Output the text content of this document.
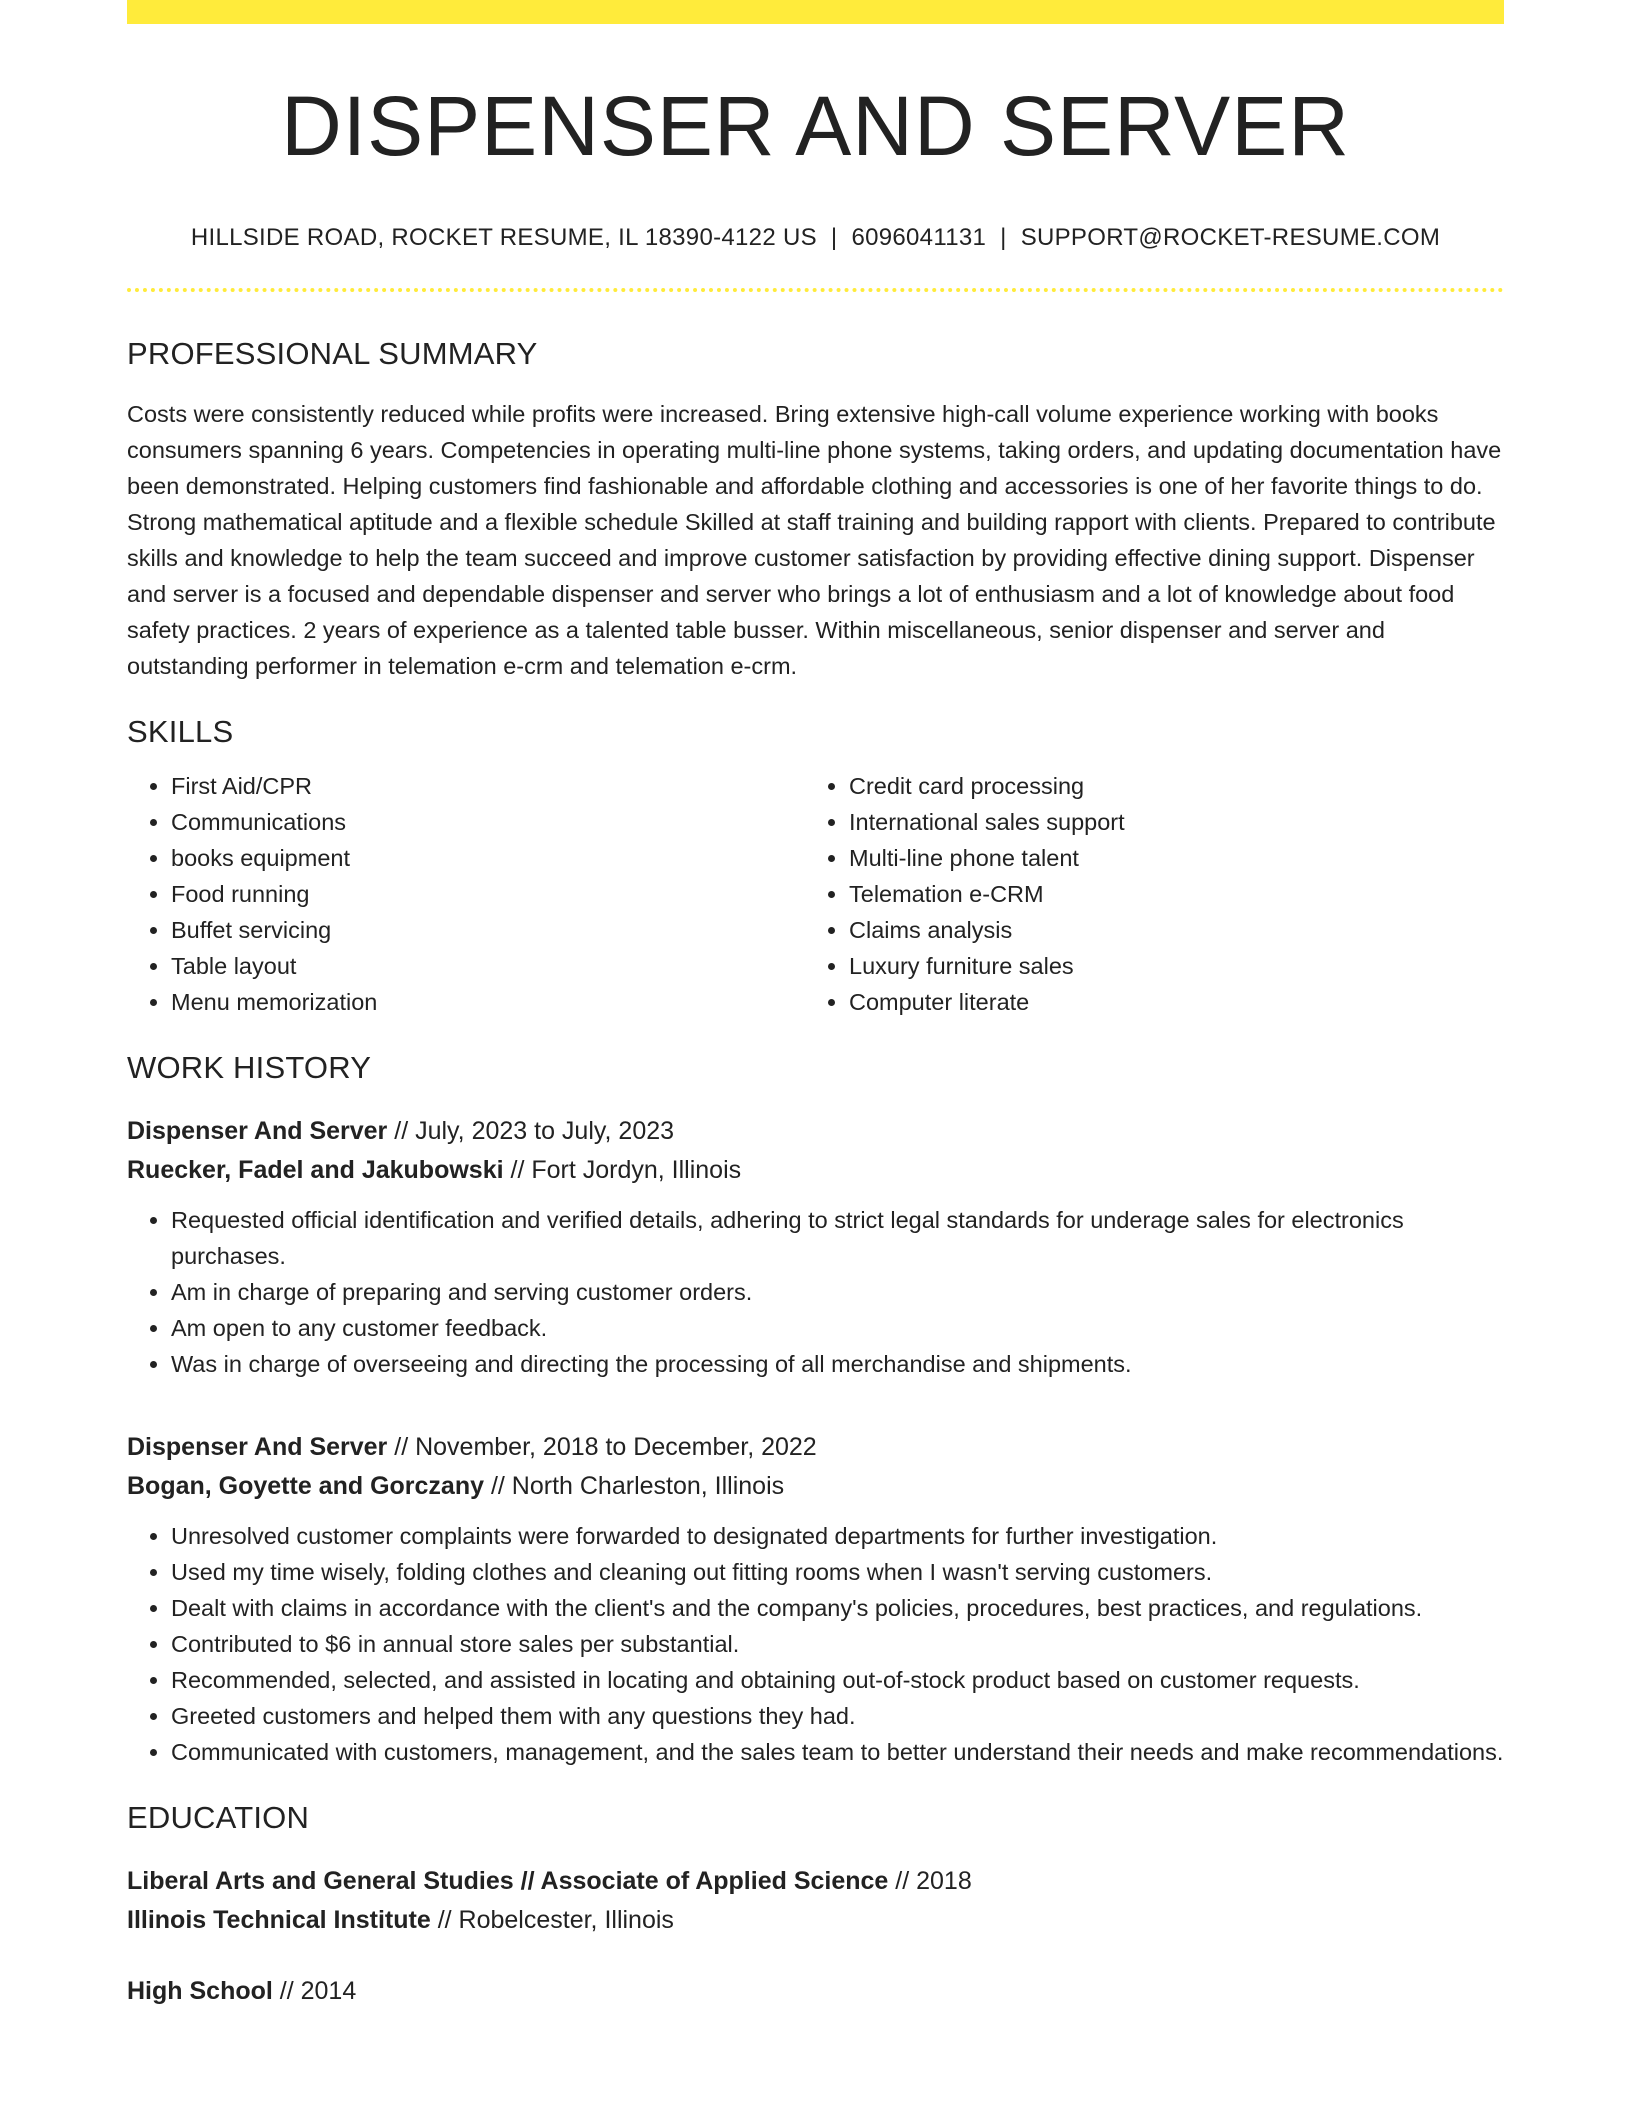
DISPENSER AND SERVER
HILLSIDE ROAD, ROCKET RESUME, IL 18390-4122 US | 6096041131 | SUPPORT@ROCKET-RESUME.COM
PROFESSIONAL SUMMARY
Costs were consistently reduced while profits were increased. Bring extensive high-call volume experience working with books consumers spanning 6 years. Competencies in operating multi-line phone systems, taking orders, and updating documentation have been demonstrated. Helping customers find fashionable and affordable clothing and accessories is one of her favorite things to do. Strong mathematical aptitude and a flexible schedule Skilled at staff training and building rapport with clients. Prepared to contribute skills and knowledge to help the team succeed and improve customer satisfaction by providing effective dining support. Dispenser and server is a focused and dependable dispenser and server who brings a lot of enthusiasm and a lot of knowledge about food safety practices. 2 years of experience as a talented table busser. Within miscellaneous, senior dispenser and server and outstanding performer in telemation e-crm and telemation e-crm.
SKILLS
• First Aid/CPR
• Communications
• books equipment
• Food running
• Buffet servicing
• Table layout
• Menu memorization
• Credit card processing
• International sales support
• Multi-line phone talent
• Telemation e-CRM
• Claims analysis
• Luxury furniture sales
• Computer literate
WORK HISTORY
Dispenser And Server // July, 2023 to July, 2023
Ruecker, Fadel and Jakubowski // Fort Jordyn, Illinois
• Requested official identification and verified details, adhering to strict legal standards for underage sales for electronics purchases.
• Am in charge of preparing and serving customer orders.
• Am open to any customer feedback.
• Was in charge of overseeing and directing the processing of all merchandise and shipments.
Dispenser And Server // November, 2018 to December, 2022
Bogan, Goyette and Gorczany // North Charleston, Illinois
• Unresolved customer complaints were forwarded to designated departments for further investigation.
• Used my time wisely, folding clothes and cleaning out fitting rooms when I wasn't serving customers.
• Dealt with claims in accordance with the client's and the company's policies, procedures, best practices, and regulations.
• Contributed to $6 in annual store sales per substantial.
• Recommended, selected, and assisted in locating and obtaining out-of-stock product based on customer requests.
• Greeted customers and helped them with any questions they had.
• Communicated with customers, management, and the sales team to better understand their needs and make recommendations.
EDUCATION
Liberal Arts and General Studies // Associate of Applied Science // 2018
Illinois Technical Institute // Robelcester, Illinois
High School // 2014
